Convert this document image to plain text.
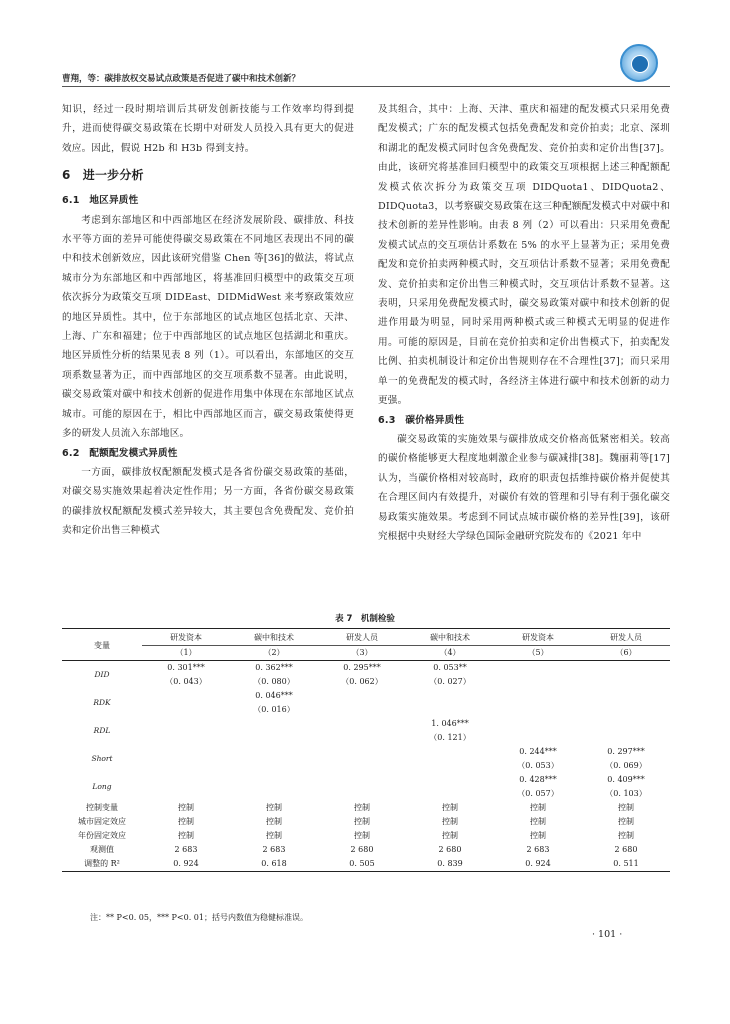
曹翔，等：碳排放权交易试点政策是否促进了碳中和技术创新？

知识，经过一段时期培训后其研发创新技能与工作效率均得到提升，进而使得碳交易政策在长期中对研发人员投入具有更大的促进效应。因此，假说 H2b 和 H3b 得到支持。

6　进一步分析
6.1　地区异质性

考虑到东部地区和中西部地区在经济发展阶段、碳排放、科技水平等方面的差异可能使得碳交易政策在不同地区表现出不同的碳中和技术创新效应，因此该研究借鉴 Chen 等[36]的做法，将试点城市分为东部地区和中西部地区，将基准回归模型中的政策交互项依次拆分为政策交互项 DIDEast、DIDMidWest 来考察政策效应的地区异质性。其中，位于东部地区的试点地区包括北京、天津、上海、广东和福建；位于中西部地区的试点地区包括湖北和重庆。地区异质性分析的结果见表 8 列（1）。可以看出，东部地区的交互项系数显著为正，而中西部地区的交互项系数不显著。由此说明，碳交易政策对碳中和技术创新的促进作用集中体现在东部地区试点城市。可能的原因在于，相比中西部地区而言，碳交易政策使得更多的研发人员流入东部地区。

6.2　配额配发模式异质性

一方面，碳排放权配额配发模式是各省份碳交易政策的基础，对碳交易实施效果起着决定性作用；另一方面，各省份碳交易政策的碳排放权配额配发模式差异较大，其主要包含免费配发、竞价拍卖和定价出售三种模式

及其组合，其中：上海、天津、重庆和福建的配发模式只采用免费配发模式；广东的配发模式包括免费配发和竞价拍卖；北京、深圳和湖北的配发模式同时包含免费配发、竞价拍卖和定价出售[37]。由此，该研究将基准回归模型中的政策交互项根据上述三种配额配发模式依次拆分为政策交互项 DIDQuota1、DIDQuota2、DIDQuota3，以考察碳交易政策在这三种配额配发模式中对碳中和技术创新的差异性影响。由表 8 列（2）可以看出：只采用免费配发模式试点的交互项估计系数在 5% 的水平上显著为正；采用免费配发和竞价拍卖两种模式时，交互项估计系数不显著；采用免费配发、竞价拍卖和定价出售三种模式时，交互项估计系数不显著。这表明，只采用免费配发模式时，碳交易政策对碳中和技术创新的促进作用最为明显，同时采用两种模式或三种模式无明显的促进作用。可能的原因是，目前在竞价拍卖和定价出售模式下，拍卖配发比例、拍卖机制设计和定价出售规则存在不合理性[37]；而只采用单一的免费配发的模式时，各经济主体进行碳中和技术创新的动力更强。

6.3　碳价格异质性

碳交易政策的实施效果与碳排放成交价格高低紧密相关。较高的碳价格能够更大程度地刺激企业参与碳减排[38]。魏丽莉等[17]认为，当碳价格相对较高时，政府的职责包括维持碳价格并促使其在合理区间内有效提升，对碳价有效的管理和引导有利于强化碳交易政策实施效果。考虑到不同试点城市碳价格的差异性[39]，该研究根据中央财经大学绿色国际金融研究院发布的《2021 年中

表 7　机制检验
变量	研发资本	碳中和技术	研发人员	碳中和技术	研发资本	研发人员
	（1）	（2）	（3）	（4）	（5）	（6）
DID	0. 301***	0. 362***	0. 295***	0. 053**		
	（0. 043）	（0. 080）	（0. 062）	（0. 027）		
RDK		0. 046***				
		（0. 016）				
RDL				1. 046***		
				（0. 121）		
Short					0. 244***	0. 297***
					（0. 053）	（0. 069）
Long					0. 428***	0. 409***
					（0. 057）	（0. 103）
控制变量	控制	控制	控制	控制	控制	控制
城市固定效应	控制	控制	控制	控制	控制	控制
年份固定效应	控制	控制	控制	控制	控制	控制
观测值	2 683	2 683	2 680	2 680	2 683	2 680
调整的 R²	0. 924	0. 618	0. 505	0. 839	0. 924	0. 511
注：** P<0. 05，*** P<0. 01；括号内数值为稳健标准误。
· 101 ·
